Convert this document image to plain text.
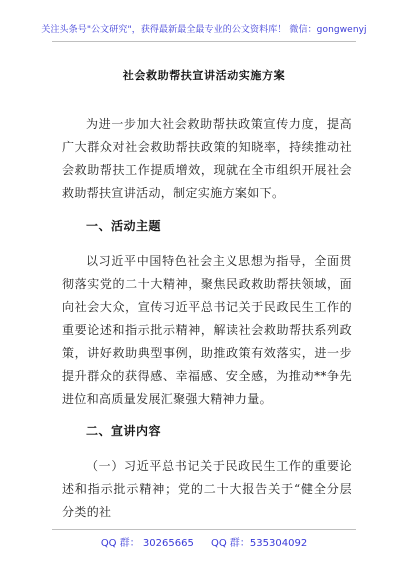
关注头条号"公文研究"，获得最新最全最专业的公文资料库！ 微信：gongwenyj
社会救助帮扶宣讲活动实施方案
为进一步加大社会救助帮扶政策宣传力度，提高广大群众对社会救助帮扶政策的知晓率，持续推动社会救助帮扶工作提质增效，现就在全市组织开展社会救助帮扶宣讲活动，制定实施方案如下。
一、活动主题
以习近平中国特色社会主义思想为指导，全面贯彻落实党的二十大精神，聚焦民政救助帮扶领域，面向社会大众，宣传习近平总书记关于民政民生工作的重要论述和指示批示精神，解读社会救助帮扶系列政策，讲好救助典型事例，助推政策有效落实，进一步提升群众的获得感、幸福感、安全感，为推动**争先进位和高质量发展汇聚强大精神力量。
二、宣讲内容
（一）习近平总书记关于民政民生工作的重要论述和指示批示精神；党的二十大报告关于“健全分层分类的社
QQ 群： 30265665 QQ 群：535304092
